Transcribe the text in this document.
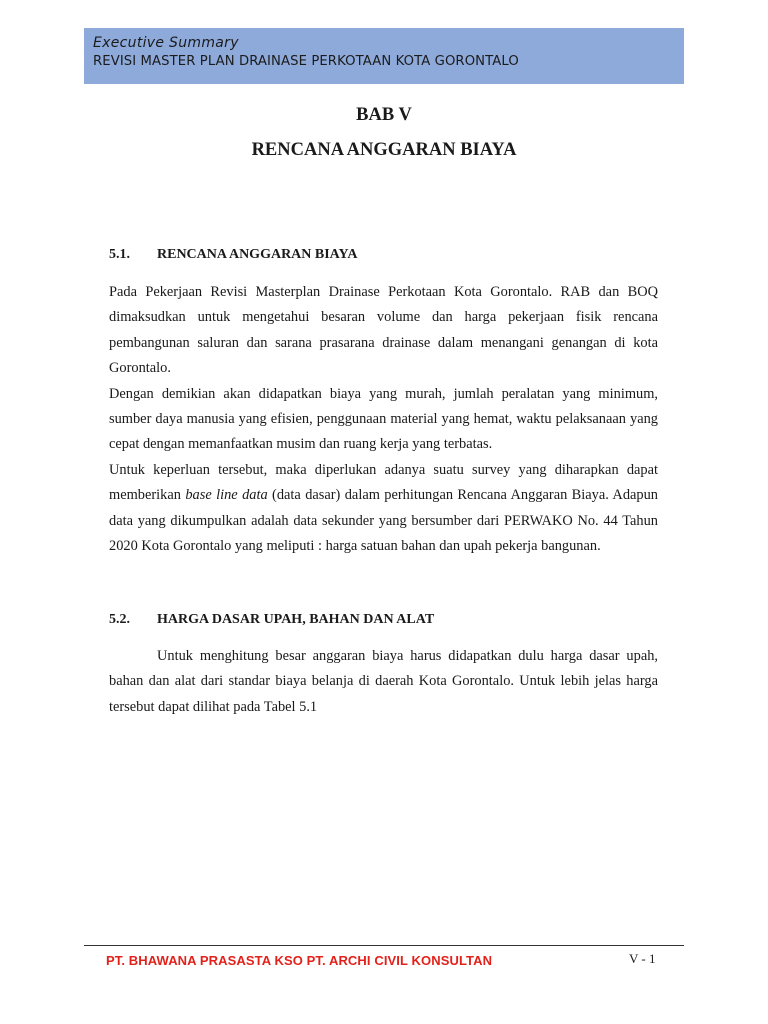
Executive Summary
REVISI MASTER PLAN DRAINASE PERKOTAAN KOTA GORONTALO
BAB V
RENCANA ANGGARAN BIAYA
5.1. RENCANA ANGGARAN BIAYA

Pada Pekerjaan Revisi Masterplan Drainase Perkotaan Kota Gorontalo. RAB dan BOQ dimaksudkan untuk mengetahui besaran volume dan harga pekerjaan fisik rencana pembangunan saluran dan sarana prasarana drainase dalam menangani genangan di kota Gorontalo.

Dengan demikian akan didapatkan biaya yang murah, jumlah peralatan yang minimum, sumber daya manusia yang efisien, penggunaan material yang hemat, waktu pelaksanaan yang cepat dengan memanfaatkan musim dan ruang kerja yang terbatas.

Untuk keperluan tersebut, maka diperlukan adanya suatu survey yang diharapkan dapat memberikan base line data (data dasar) dalam perhitungan Rencana Anggaran Biaya. Adapun data yang dikumpulkan adalah data sekunder yang bersumber dari PERWAKO No. 44 Tahun 2020 Kota Gorontalo yang meliputi : harga satuan bahan dan upah pekerja bangunan.

5.2. HARGA DASAR UPAH, BAHAN DAN ALAT

Untuk menghitung besar anggaran biaya harus didapatkan dulu harga dasar upah, bahan dan alat dari standar biaya belanja di daerah Kota Gorontalo. Untuk lebih jelas harga tersebut dapat dilihat pada Tabel 5.1

PT. BHAWANA PRASASTA KSO PT. ARCHI CIVIL KONSULTAN	V - 1
